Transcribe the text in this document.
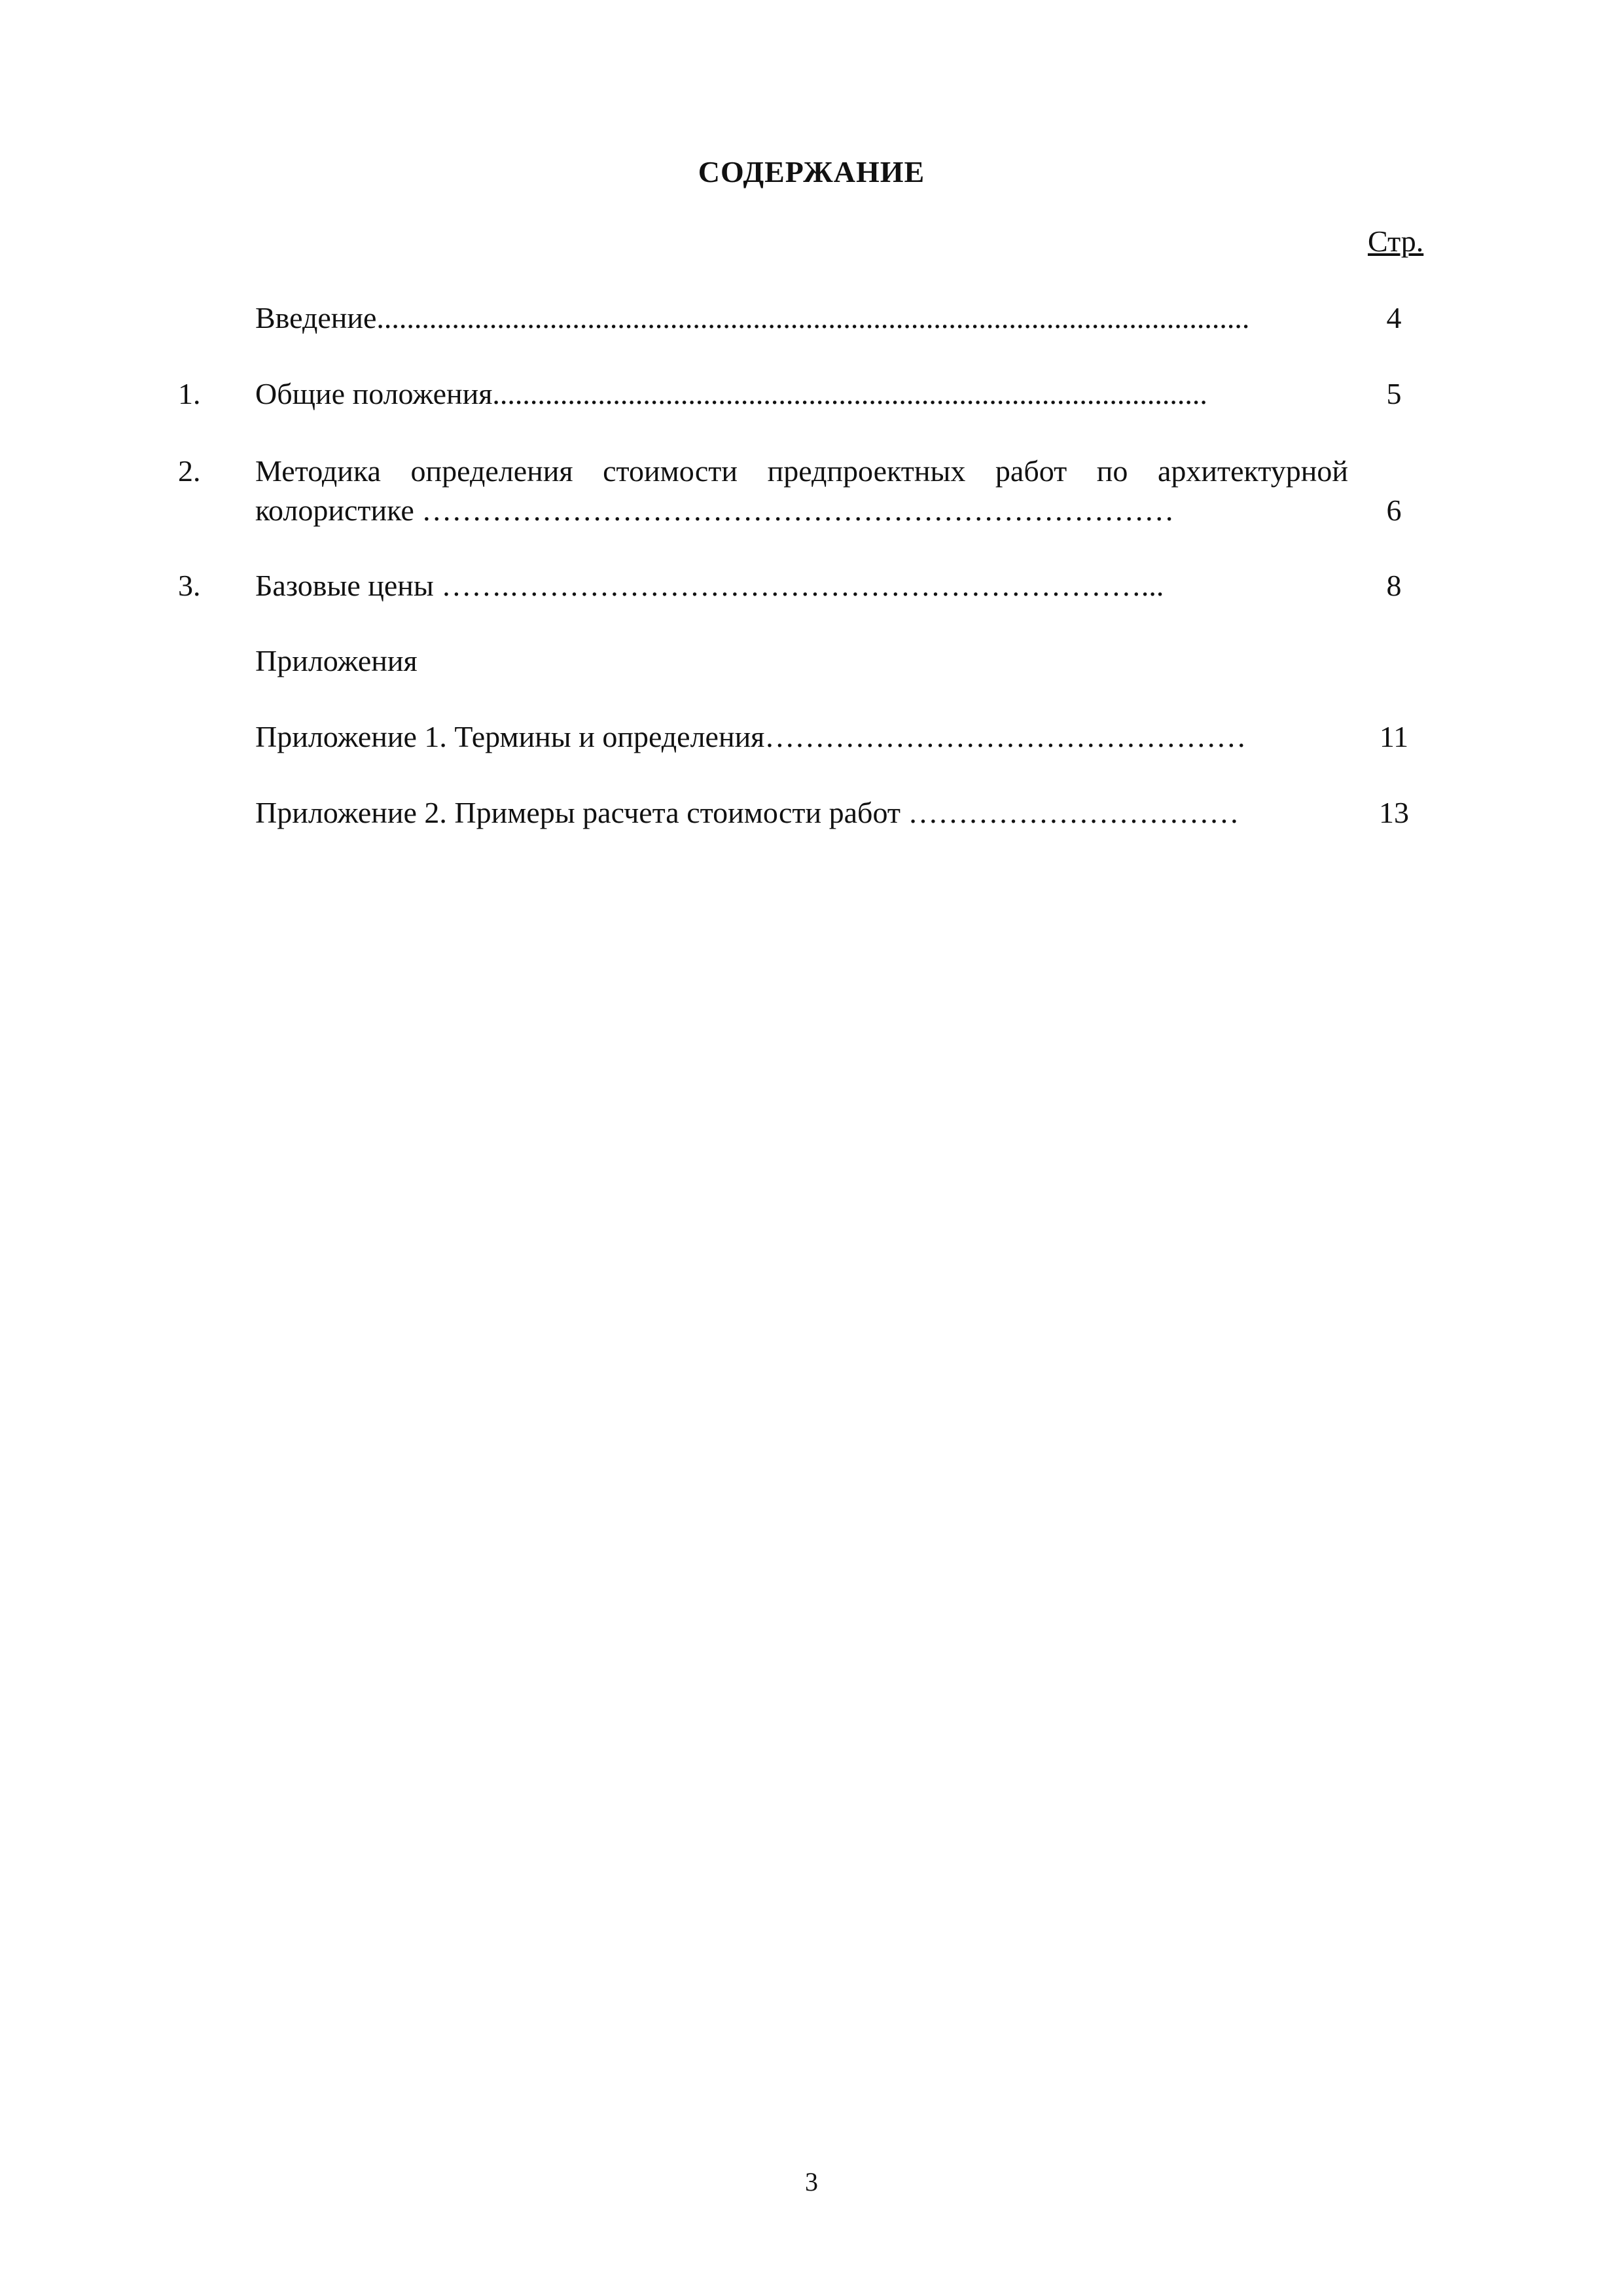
СОДЕРЖАНИЕ
Стр.
Введение....................................................................................................................	4
1. Общие положения...............................................................................................	5
2. Методика определения стоимости предпроектных работ по архитектурной
колористике …………………………………………………………………	6
3. Базовые цены …….………………………………………………………...	8
Приложения
Приложение 1. Термины и определения…………………………………………	11
Приложение 2. Примеры расчета стоимости работ ……………………………	13
3
